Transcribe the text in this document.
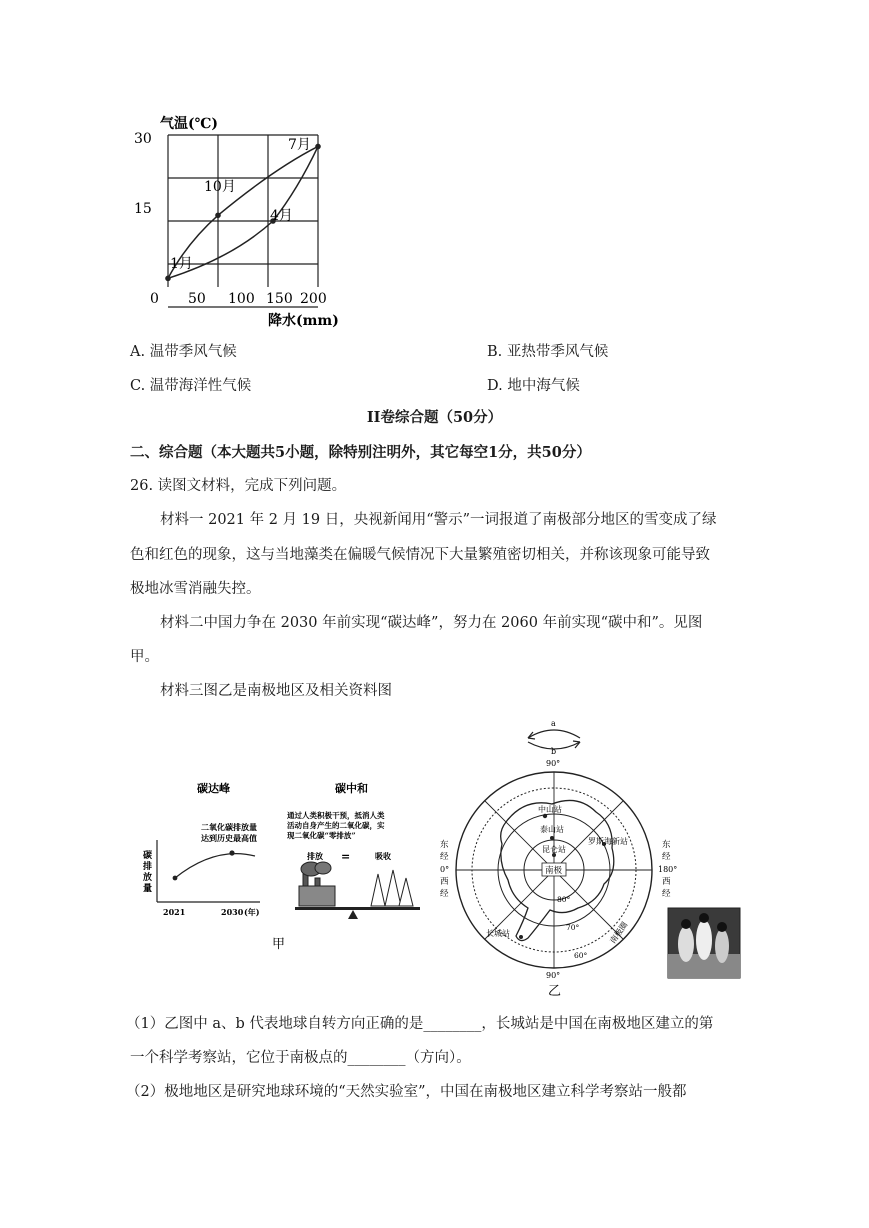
气温(℃)
30
15
0 50 100 150 200
降水(mm)
1月
4月
7月
10月
A. 温带季风气候	B. 亚热带季风气候
C. 温带海洋性气候	D. 地中海气候
II卷综合题（50分）
二、综合题（本大题共5小题，除特别注明外，其它每空1分，共50分）
26. 读图文材料，完成下列问题。
材料一 2021 年 2 月 19 日，央视新闻用“警示”一词报道了南极部分地区的雪变成了绿
色和红色的现象，这与当地藻类在偏暖气候情况下大量繁殖密切相关，并称该现象可能导致
极地冰雪消融失控。
材料二中国力争在 2030 年前实现“碳达峰”，努力在 2060 年前实现“碳中和”。见图
甲。
材料三图乙是南极地区及相关资料图
碳达峰	碳中和
二氧化碳排放量
达到历史最高值
碳 排 放 量
2021	2030 (年)
通过人类积极干预，抵消人类
活动自身产生的二氧化碳，实
现二氧化碳“零排放”
排放 =	吸收
甲
a
b
90°
中山站
泰山站
昆仑站
罗斯海新站
南极
80°
70°
60°
长城站	南极圈
东 经
0°
西 经
东 经
180°
西 经
90°
乙
（1）乙图中 a、b 代表地球自转方向正确的是________，长城站是中国在南极地区建立的第
一个科学考察站，它位于南极点的________（方向）。
（2）极地地区是研究地球环境的“天然实验室”，中国在南极地区建立科学考察站一般都
